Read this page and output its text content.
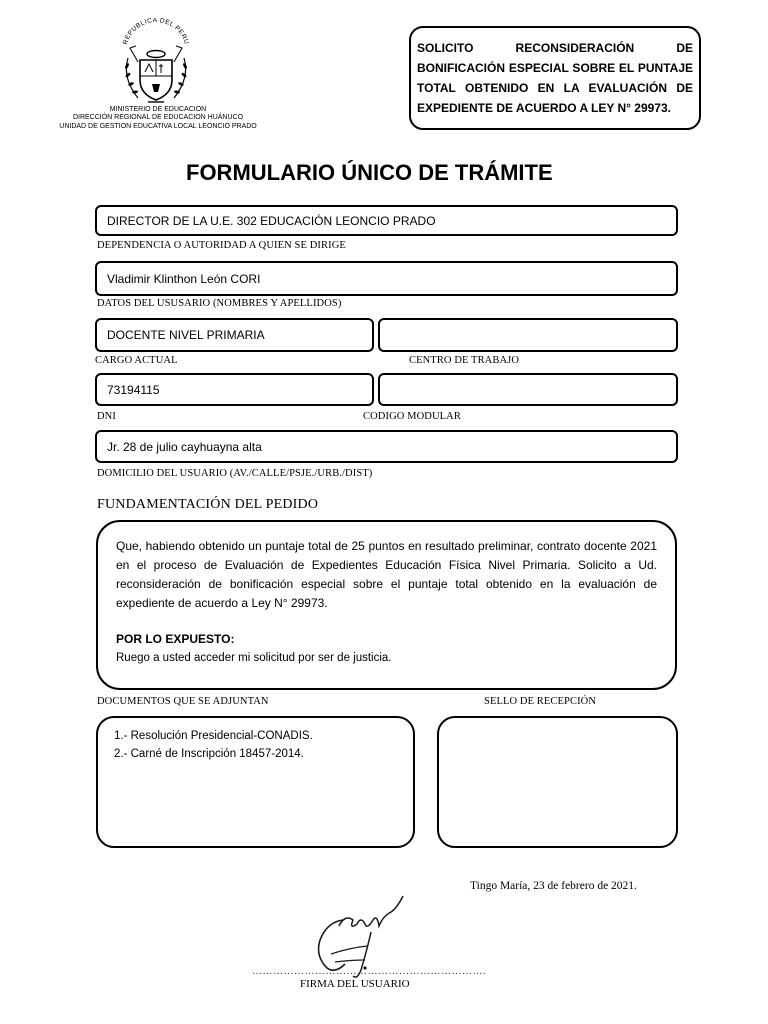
REPUBLICA DEL PERU
MINISTERIO DE EDUCACION
DIRECCIÓN REGIONAL DE EDUCACION HUÁNUCO
UNIDAD DE GESTION EDUCATIVA LOCAL LEONCIO PRADO

SOLICITO RECONSIDERACIÓN DE BONIFICACIÓN ESPECIAL SOBRE EL PUNTAJE TOTAL OBTENIDO EN LA EVALUACIÓN DE EXPEDIENTE DE ACUERDO A LEY N° 29973.

FORMULARIO ÚNICO DE TRÁMITE
DIRECTOR DE LA U.E. 302 EDUCACIÓN LEONCIO PRADO
DEPENDENCIA O AUTORIDAD A QUIEN SE DIRIGE
Vladimir Klinthon León CORI
DATOS DEL USUSARIO (NOMBRES Y APELLIDOS)
DOCENTE NIVEL PRIMARIA
CARGO ACTUAL	CENTRO DE TRABAJO
73194115
DNI	CODIGO MODULAR
Jr. 28 de julio cayhuayna alta
DOMICILIO DEL USUARIO (AV./CALLE/PSJE./URB./DIST)
FUNDAMENTACIÓN DEL PEDIDO

Que, habiendo obtenido un puntaje total de 25 puntos en resultado preliminar, contrato docente 2021 en el proceso de Evaluación de Expedientes Educación Física Nivel Primaria. Solicito a Ud. reconsideración de bonificación especial sobre el puntaje total obtenido en la evaluación de expediente de acuerdo a Ley N° 29973.

POR LO EXPUESTO:

Ruego a usted acceder mi solicitud por ser de justicia.

DOCUMENTOS QUE SE ADJUNTAN	SELLO DE RECEPCIÓN

1.- Resolución Presidencial-CONADIS.

2.- Carné de Inscripción 18457-2014.

Tingo María, 23 de febrero de 2021.
………………………………………………………….
FIRMA DEL USUARIO
